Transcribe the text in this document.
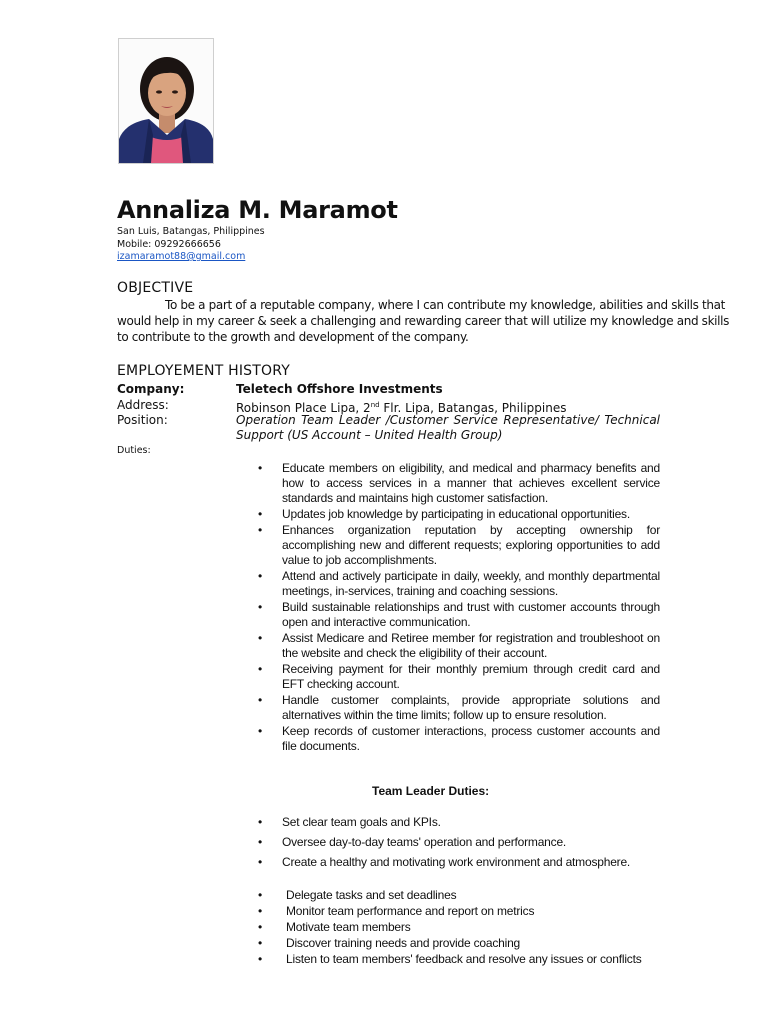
Annaliza M. Maramot
San Luis, Batangas, Philippines
Mobile: 09292666656
izamaramot88@gmail.com
OBJECTIVE
To be a part of a reputable company, where I can contribute my knowledge, abilities and skills that would help in my career & seek a challenging and rewarding career that will utilize my knowledge and skills to contribute to the growth and development of the company.
EMPLOYEMENT HISTORY
Company:	Teletech Offshore Investments
Address:	Robinson Place Lipa, 2nd Flr. Lipa, Batangas, Philippines
Position:	Operation Team Leader /Customer Service Representative/ Technical Support (US Account – United Health Group)
Duties:
• Educate members on eligibility, and medical and pharmacy benefits and how to access services in a manner that achieves excellent service standards and maintains high customer satisfaction.
• Updates job knowledge by participating in educational opportunities.
• Enhances organization reputation by accepting ownership for accomplishing new and different requests; exploring opportunities to add value to job accomplishments.
• Attend and actively participate in daily, weekly, and monthly departmental meetings, in-services, training and coaching sessions.
• Build sustainable relationships and trust with customer accounts through open and interactive communication.
• Assist Medicare and Retiree member for registration and troubleshoot on the website and check the eligibility of their account.
• Receiving payment for their monthly premium through credit card and EFT checking account.
• Handle customer complaints, provide appropriate solutions and alternatives within the time limits; follow up to ensure resolution.
• Keep records of customer interactions, process customer accounts and file documents.
Team Leader Duties:
• Set clear team goals and KPIs.
• Oversee day-to-day teams' operation and performance.
• Create a healthy and motivating work environment and atmosphere.
• Delegate tasks and set deadlines
• Monitor team performance and report on metrics
• Motivate team members
• Discover training needs and provide coaching
• Listen to team members' feedback and resolve any issues or conflicts
